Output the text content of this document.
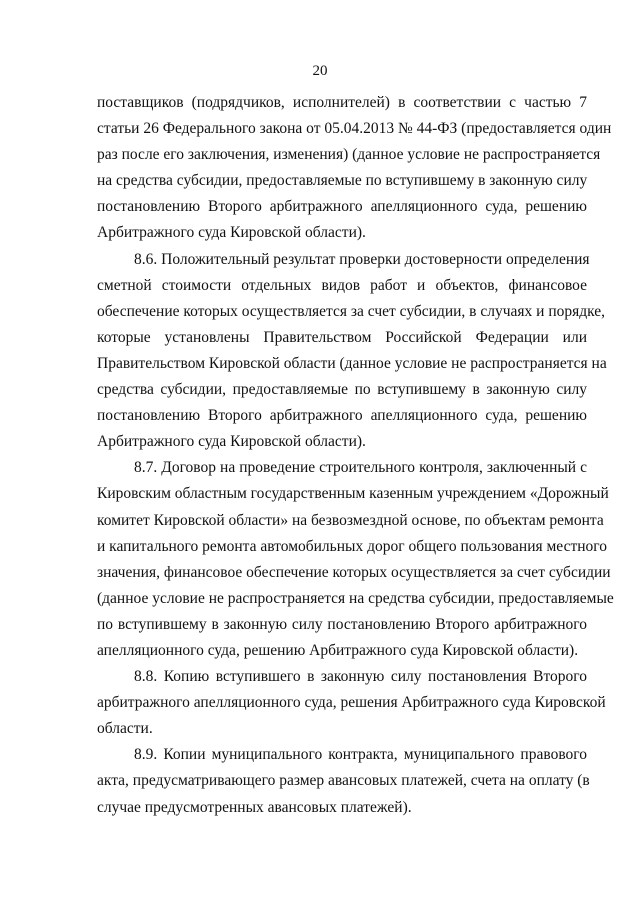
20

поставщиков (подрядчиков, исполнителей) в соответствии с частью 7
статьи 26 Федерального закона от 05.04.2013 № 44-ФЗ (предоставляется один
раз после его заключения, изменения) (данное условие не распространяется
на средства субсидии, предоставляемые по вступившему в законную силу
постановлению Второго арбитражного апелляционного суда, решению
Арбитражного суда Кировской области).

8.6. Положительный результат проверки достоверности определения
сметной стоимости отдельных видов работ и объектов, финансовое
обеспечение которых осуществляется за счет субсидии, в случаях и порядке,
которые установлены Правительством Российской Федерации или
Правительством Кировской области (данное условие не распространяется на
средства субсидии, предоставляемые по вступившему в законную силу
постановлению Второго арбитражного апелляционного суда, решению
Арбитражного суда Кировской области).

8.7. Договор на проведение строительного контроля, заключенный с
Кировским областным государственным казенным учреждением «Дорожный
комитет Кировской области» на безвозмездной основе, по объектам ремонта
и капитального ремонта автомобильных дорог общего пользования местного
значения, финансовое обеспечение которых осуществляется за счет субсидии
(данное условие не распространяется на средства субсидии, предоставляемые
по вступившему в законную силу постановлению Второго арбитражного
апелляционного суда, решению Арбитражного суда Кировской области).

8.8. Копию вступившего в законную силу постановления Второго
арбитражного апелляционного суда, решения Арбитражного суда Кировской
области.

8.9. Копии муниципального контракта, муниципального правового
акта, предусматривающего размер авансовых платежей, счета на оплату (в
случае предусмотренных авансовых платежей).
